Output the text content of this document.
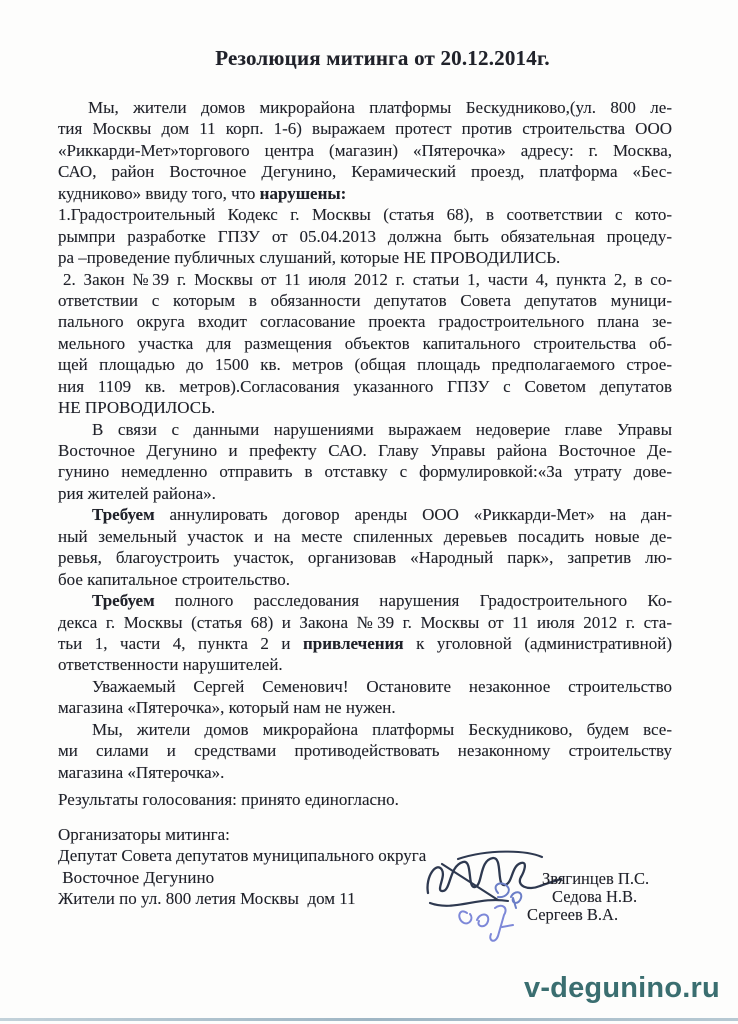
Резолюция митинга от 20.12.2014г.
Мы, жители домов микрорайона платформы Бескудниково,(ул. 800 ле-
тия Москвы дом 11 корп. 1-6) выражаем протест против строительства ООО
«Риккарди-Мет»торгового центра (магазин) «Пятерочка» адресу: г. Москва,
САО, район Восточное Дегунино, Керамический проезд, платформа «Бес-
кудниково» ввиду того, что нарушены:
1.Градостроительный Кодекс г. Москвы (статья 68), в соответствии с кото-
рымпри разработке ГПЗУ от 05.04.2013 должна быть обязательная процеду-
ра –проведение публичных слушаний, которые НЕ ПРОВОДИЛИСЬ.
2. Закон №39 г. Москвы от 11 июля 2012 г. статьи 1, части 4, пункта 2, в со-
ответствии с которым в обязанности депутатов Совета депутатов муници-
пального округа входит согласование проекта градостроительного плана зе-
мельного участка для размещения объектов капитального строительства об-
щей площадью до 1500 кв. метров (общая площадь предполагаемого строе-
ния 1109 кв. метров).Согласования указанного ГПЗУ с Советом депутатов
НЕ ПРОВОДИЛОСЬ.
В связи с данными нарушениями выражаем недоверие главе Управы
Восточное Дегунино и префекту САО. Главу Управы района Восточное Де-
гунино немедленно отправить в отставку с формулировкой:«За утрату дове-
рия жителей района».
Требуем аннулировать договор аренды ООО «Риккарди-Мет» на дан-
ный земельный участок и на месте спиленных деревьев посадить новые де-
ревья, благоустроить участок, организовав «Народный парк», запретив лю-
бое капитальное строительство.
Требуем полного расследования нарушения Градостроительного Ко-
декса г. Москвы (статья 68) и Закона №39 г. Москвы от 11 июля 2012 г. ста-
тьи 1, части 4, пункта 2 и привлечения к уголовной (административной)
ответственности нарушителей.
Уважаемый Сергей Семенович! Остановите незаконное строительство
магазина «Пятерочка», который нам не нужен.
Мы, жители домов микрорайона платформы Бескудниково, будем все-
ми силами и средствами противодействовать незаконному строительству
магазина «Пятерочка».
Результаты голосования: принято единогласно.
Организаторы митинга:
Депутат Совета депутатов муниципального округа
Восточное Дегунино
Жители по ул. 800 летия Москвы  дом 11
Звягинцев П.С.
Седова Н.В.
Сергеев В.А.
v-degunino.ru
